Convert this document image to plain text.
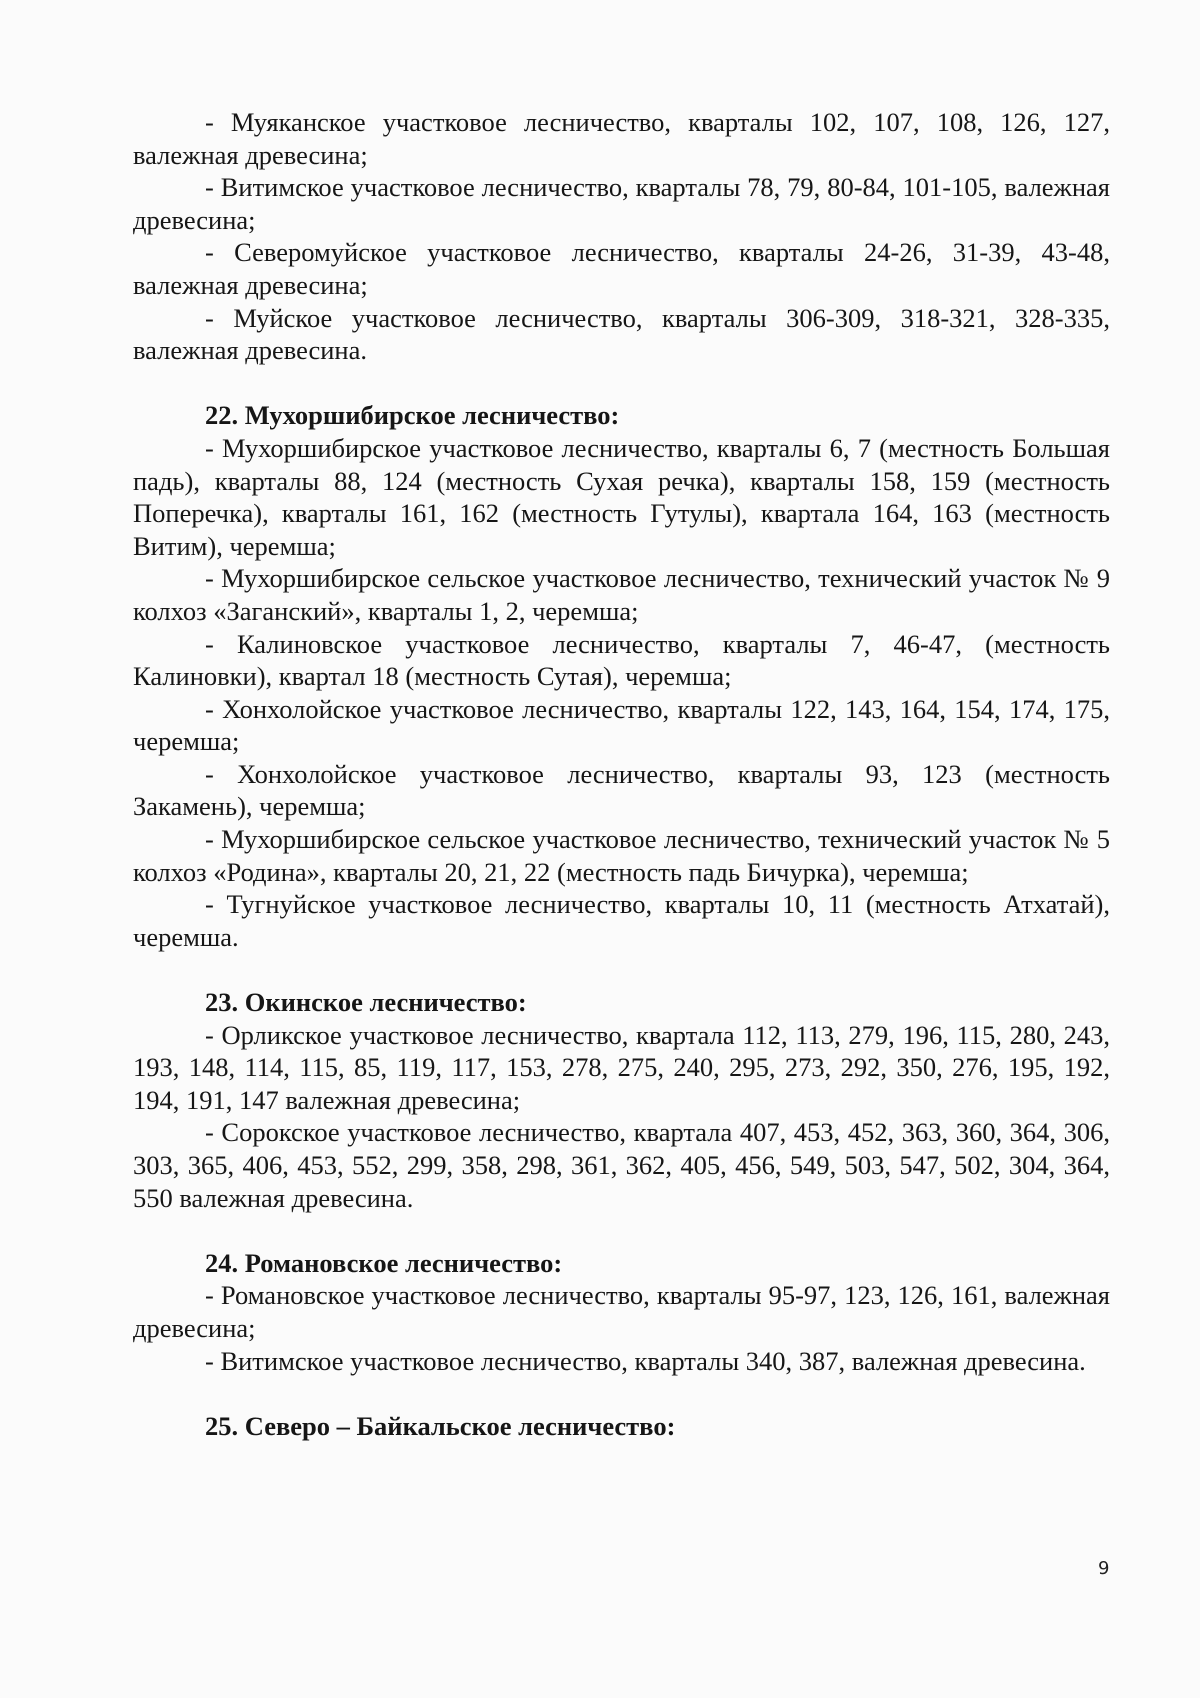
- Муяканское участковое лесничество, кварталы 102, 107, 108, 126, 127, валежная древесина;

- Витимское участковое лесничество, кварталы 78, 79, 80-84, 101-105, валежная древесина;

- Северомуйское участковое лесничество, кварталы 24-26, 31-39, 43-48, валежная древесина;

- Муйское участковое лесничество, кварталы 306-309, 318-321, 328-335, валежная древесина.

22. Мухоршибирское лесничество:

- Мухоршибирское участковое лесничество, кварталы 6, 7 (местность Большая падь), кварталы 88, 124 (местность Сухая речка), кварталы 158, 159 (местность Поперечка), кварталы 161, 162 (местность Гутулы), квартала 164, 163 (местность Витим), черемша;

- Мухоршибирское сельское участковое лесничество, технический участок № 9 колхоз «Заганский», кварталы 1, 2, черемша;

- Калиновское участковое лесничество, кварталы 7, 46-47, (местность Калиновки), квартал 18 (местность Сутая), черемша;

- Хонхолойское участковое лесничество, кварталы 122, 143, 164, 154, 174, 175, черемша;

- Хонхолойское участковое лесничество, кварталы 93, 123 (местность Закамень), черемша;

- Мухоршибирское сельское участковое лесничество, технический участок № 5 колхоз «Родина», кварталы 20, 21, 22 (местность падь Бичурка), черемша;

- Тугнуйское участковое лесничество, кварталы 10, 11 (местность Атхатай), черемша.

23. Окинское лесничество:

- Орликское участковое лесничество, квартала 112, 113, 279, 196, 115, 280, 243, 193, 148, 114, 115, 85, 119, 117, 153, 278, 275, 240, 295, 273, 292, 350, 276, 195, 192, 194, 191, 147 валежная древесина;

- Сорокское участковое лесничество, квартала 407, 453, 452, 363, 360, 364, 306, 303, 365, 406, 453, 552, 299, 358, 298, 361, 362, 405, 456, 549, 503, 547, 502, 304, 364, 550 валежная древесина.

24. Романовское лесничество:

- Романовское участковое лесничество, кварталы 95-97, 123, 126, 161, валежная древесина;

- Витимское участковое лесничество, кварталы 340, 387, валежная древесина.

25. Северо – Байкальское лесничество:

9
